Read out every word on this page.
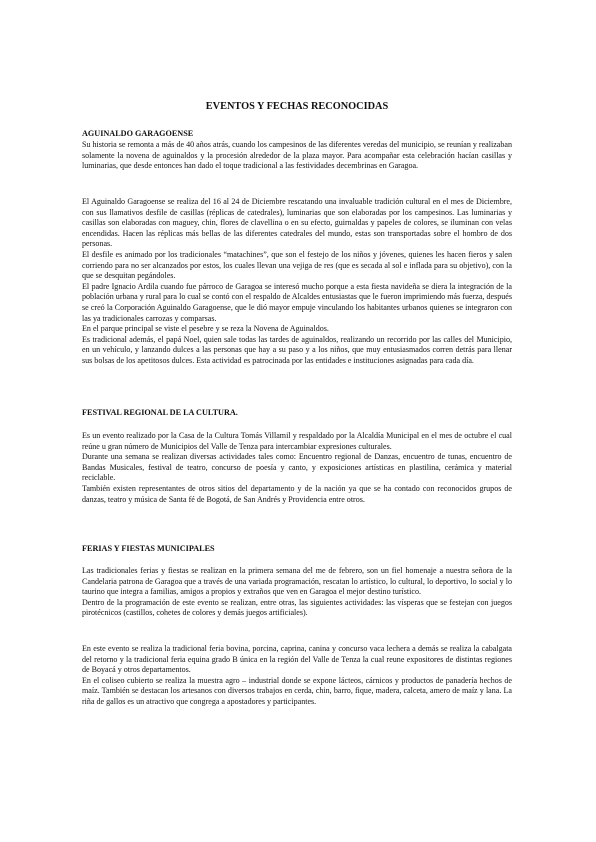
EVENTOS Y FECHAS RECONOCIDAS
AGUINALDO GARAGOENSE

Su historia se remonta a más de 40 años atrás, cuando los campesinos de las diferentes veredas del municipio, se reunían y realizaban solamente la novena de aguinaldos y la procesión alrededor de la plaza mayor. Para acompañar esta celebración hacían casillas y luminarias, que desde entonces han dado el toque tradicional a las festividades decembrinas en Garagoa.

El Aguinaldo Garagoense se realiza del 16 al 24 de Diciembre rescatando una invaluable tradición cultural en el mes de Diciembre, con sus llamativos desfile de casillas (réplicas de catedrales), luminarias que son elaboradas por los campesinos. Las luminarias y casillas son elaboradas con maguey, chin, flores de clavellina o en su efecto, guirnaldas y papeles de colores, se iluminan con velas encendidas. Hacen las réplicas más bellas de las diferentes catedrales del mundo, estas son transportadas sobre el hombro de dos personas.

El desfile es animado por los tradicionales “matachines”, que son el festejo de los niños y jóvenes, quienes les hacen fieros y salen corriendo para no ser alcanzados por estos, los cuales llevan una vejiga de res (que es secada al sol e inflada para su objetivo), con la que se desquitan pegándoles.

El padre Ignacio Ardila cuando fue párroco de Garagoa se interesó mucho porque a esta fiesta navideña se diera la integración de la población urbana y rural para lo cual se contó con el respaldo de Alcaldes entusiastas que le fueron imprimiendo más fuerza, después se creó la Corporación Aguinaldo Garagoense, que le dió mayor empuje vinculando los habitantes urbanos quienes se integraron con las ya tradicionales carrozas y comparsas.

En el parque principal se viste el pesebre y se reza la Novena de Aguinaldos.

Es tradicional además, el papá Noel, quien sale todas las tardes de aguinaldos, realizando un recorrido por las calles del Municipio, en un vehículo, y lanzando dulces a las personas que hay a su paso y a los niños, que muy entusiasmados corren detrás para llenar sus bolsas de los apetitosos dulces. Esta actividad es patrocinada por las entidades e instituciones asignadas para cada día.

FESTIVAL REGIONAL DE LA CULTURA.

Es un evento realizado por la Casa de la Cultura Tomás Villamil y respaldado por la Alcaldía Municipal en el mes de octubre el cual reúne u gran número de Municipios del Valle de Tenza para intercambiar expresiones culturales.

Durante una semana se realizan diversas actividades tales como: Encuentro regional de Danzas, encuentro de tunas, encuentro de Bandas Musicales, festival de teatro, concurso de poesía y canto, y exposiciones artísticas en plastilina, cerámica y material reciclable.

También existen representantes de otros sitios del departamento y de la nación ya que se ha contado con reconocidos grupos de danzas, teatro y música de Santa fé de Bogotá, de San Andrés y Providencia entre otros.

FERIAS Y FIESTAS MUNICIPALES

Las tradicionales ferias y fiestas se realizan en la primera semana del me de febrero, son un fiel homenaje a nuestra señora de la Candelaria patrona de Garagoa que a través de una variada programación, rescatan lo artístico, lo cultural, lo deportivo, lo social y lo taurino que integra a familias, amigos a propios y extraños que ven en Garagoa el mejor destino turístico.

Dentro de la programación de este evento se realizan, entre otras, las siguientes actividades: las vísperas que se festejan con juegos pirotécnicos (castillos, cohetes de colores y demás juegos artificiales).

En este evento se realiza la tradicional feria bovina, porcina, caprina, canina y concurso vaca lechera a demás se realiza la cabalgata del retorno y la tradicional feria equina grado B única en la región del Valle de Tenza la cual reune expositores de distintas regiones de Boyacá y otros departamentos.

En el coliseo cubierto se realiza la muestra agro – industrial donde se expone lácteos, cárnicos y productos de panadería hechos de maíz. También se destacan los artesanos con diversos trabajos en cerda, chin, barro, fique, madera, calceta, amero de maíz y lana. La riña de gallos es un atractivo que congrega a apostadores y participantes.
